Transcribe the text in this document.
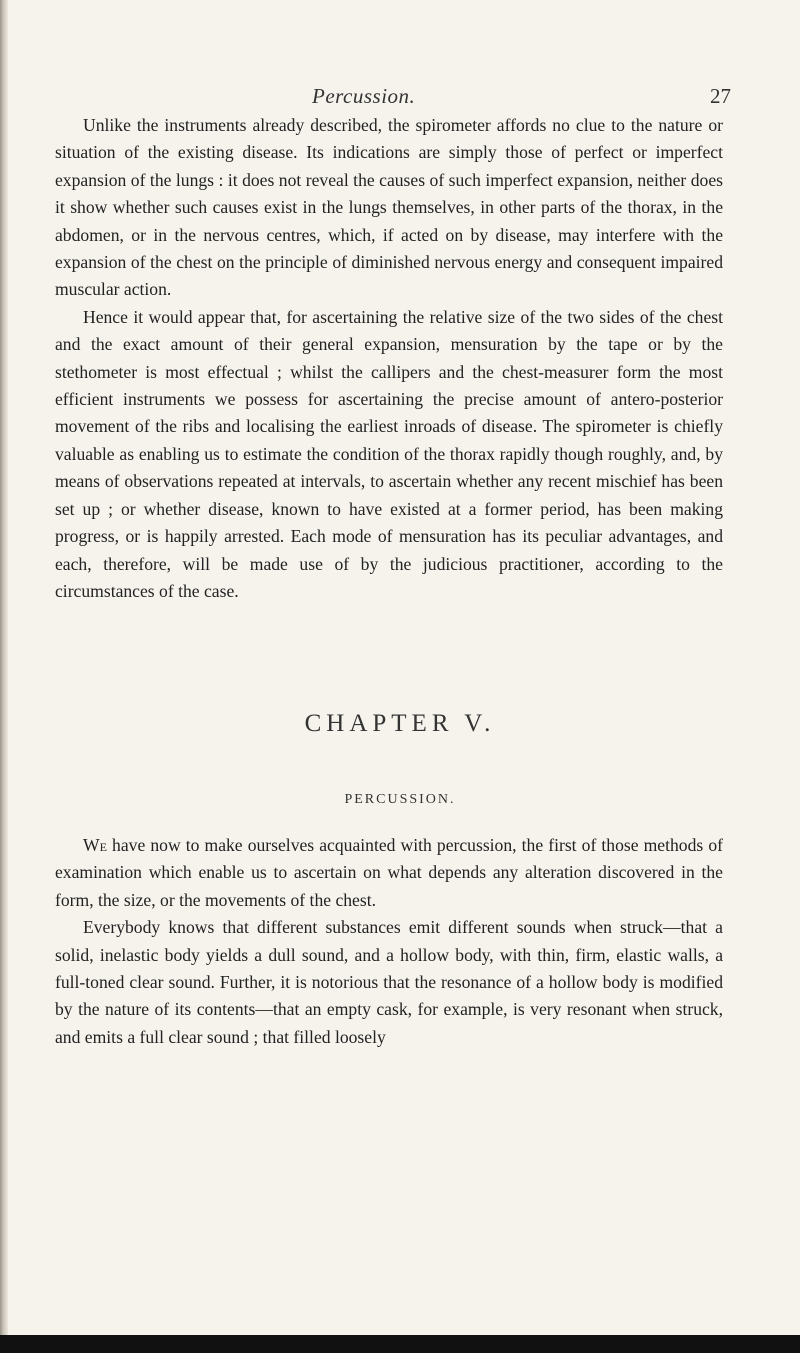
Percussion.	27

Unlike the instruments already described, the spirometer affords no clue to the nature or situation of the existing disease. Its indications are simply those of perfect or imperfect expansion of the lungs : it does not reveal the causes of such imperfect expansion, neither does it show whether such causes exist in the lungs themselves, in other parts of the thorax, in the abdomen, or in the nervous centres, which, if acted on by disease, may interfere with the expansion of the chest on the principle of diminished nervous energy and consequent impaired muscular action.

Hence it would appear that, for ascertaining the relative size of the two sides of the chest and the exact amount of their general expansion, mensuration by the tape or by the stethometer is most effectual ; whilst the callipers and the chest-measurer form the most efficient instruments we possess for ascertaining the precise amount of antero-posterior movement of the ribs and localising the earliest inroads of disease. The spirometer is chiefly valuable as enabling us to estimate the condition of the thorax rapidly though roughly, and, by means of observations repeated at intervals, to ascertain whether any recent mischief has been set up ; or whether disease, known to have existed at a former period, has been making progress, or is happily arrested. Each mode of mensuration has its peculiar advantages, and each, therefore, will be made use of by the judicious practitioner, according to the circumstances of the case.

CHAPTER V.
PERCUSSION.

We have now to make ourselves acquainted with percussion, the first of those methods of examination which enable us to ascertain on what depends any alteration discovered in the form, the size, or the movements of the chest.

Everybody knows that different substances emit different sounds when struck—that a solid, inelastic body yields a dull sound, and a hollow body, with thin, firm, elastic walls, a full-toned clear sound. Further, it is notorious that the resonance of a hollow body is modified by the nature of its contents—that an empty cask, for example, is very resonant when struck, and emits a full clear sound ; that filled loosely
